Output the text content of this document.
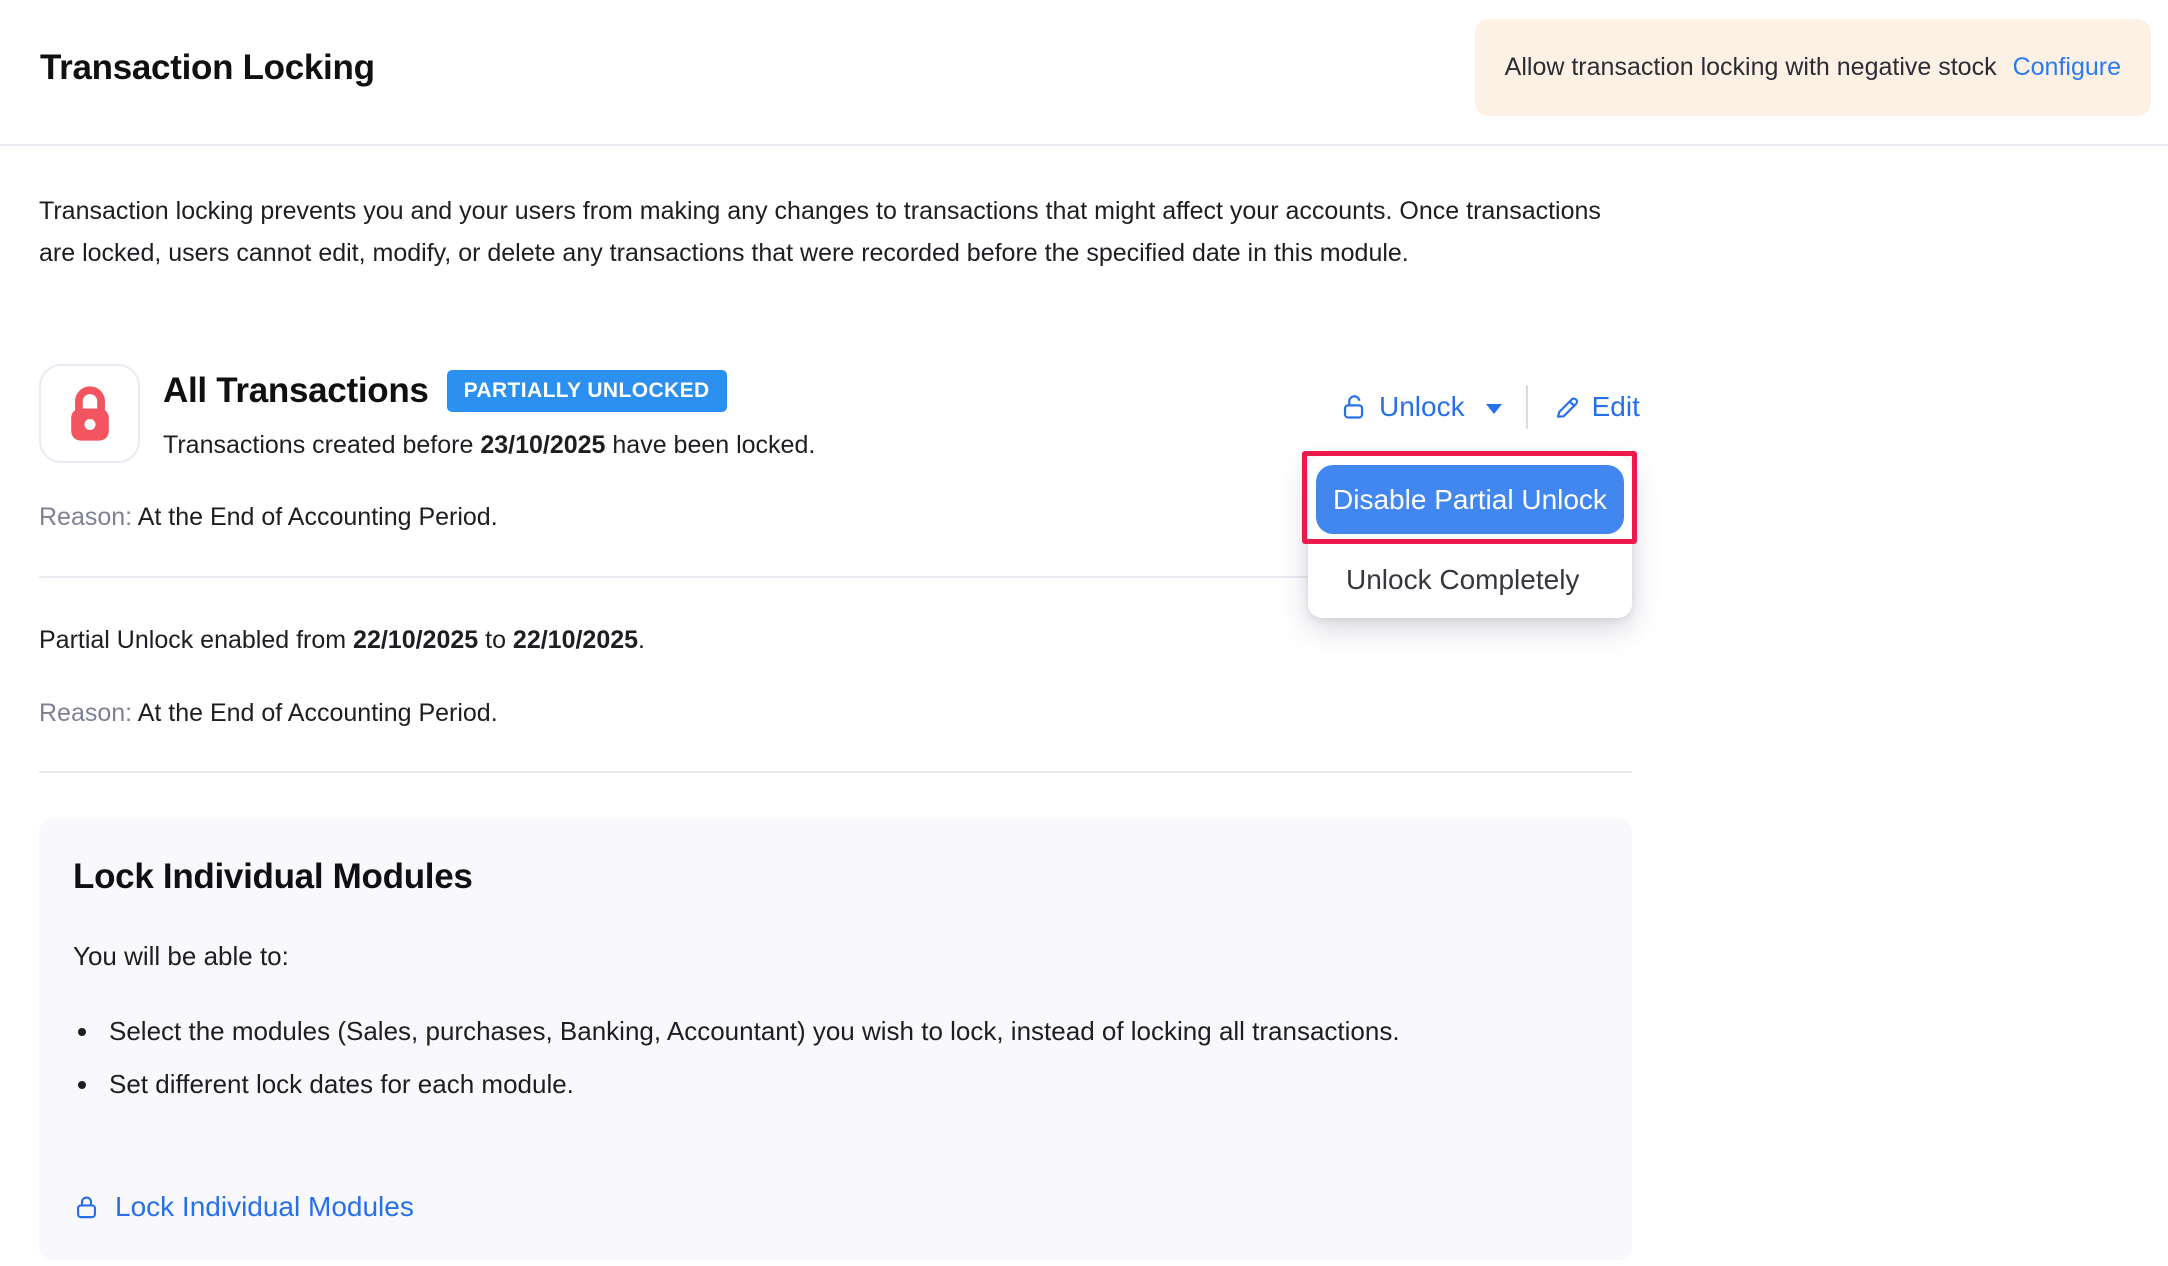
Transaction Locking	Allow transaction locking with negative stock Configure

Transaction locking prevents you and your users from making any changes to transactions that might affect your accounts. Once transactions are locked, users cannot edit, modify, or delete any transactions that were recorded before the specified date in this module.

All Transactions	PARTIALLY UNLOCKED

Transactions created before 23/10/2025 have been locked.

Reason: At the End of Accounting Period.

Unlock	Edit
Disable Partial Unlock
Unlock Completely

Partial Unlock enabled from 22/10/2025 to 22/10/2025.

Reason: At the End of Accounting Period.

Lock Individual Modules
You will be able to:
• Select the modules (Sales, purchases, Banking, Accountant) you wish to lock, instead of locking all transactions.
• Set different lock dates for each module.
Lock Individual Modules
